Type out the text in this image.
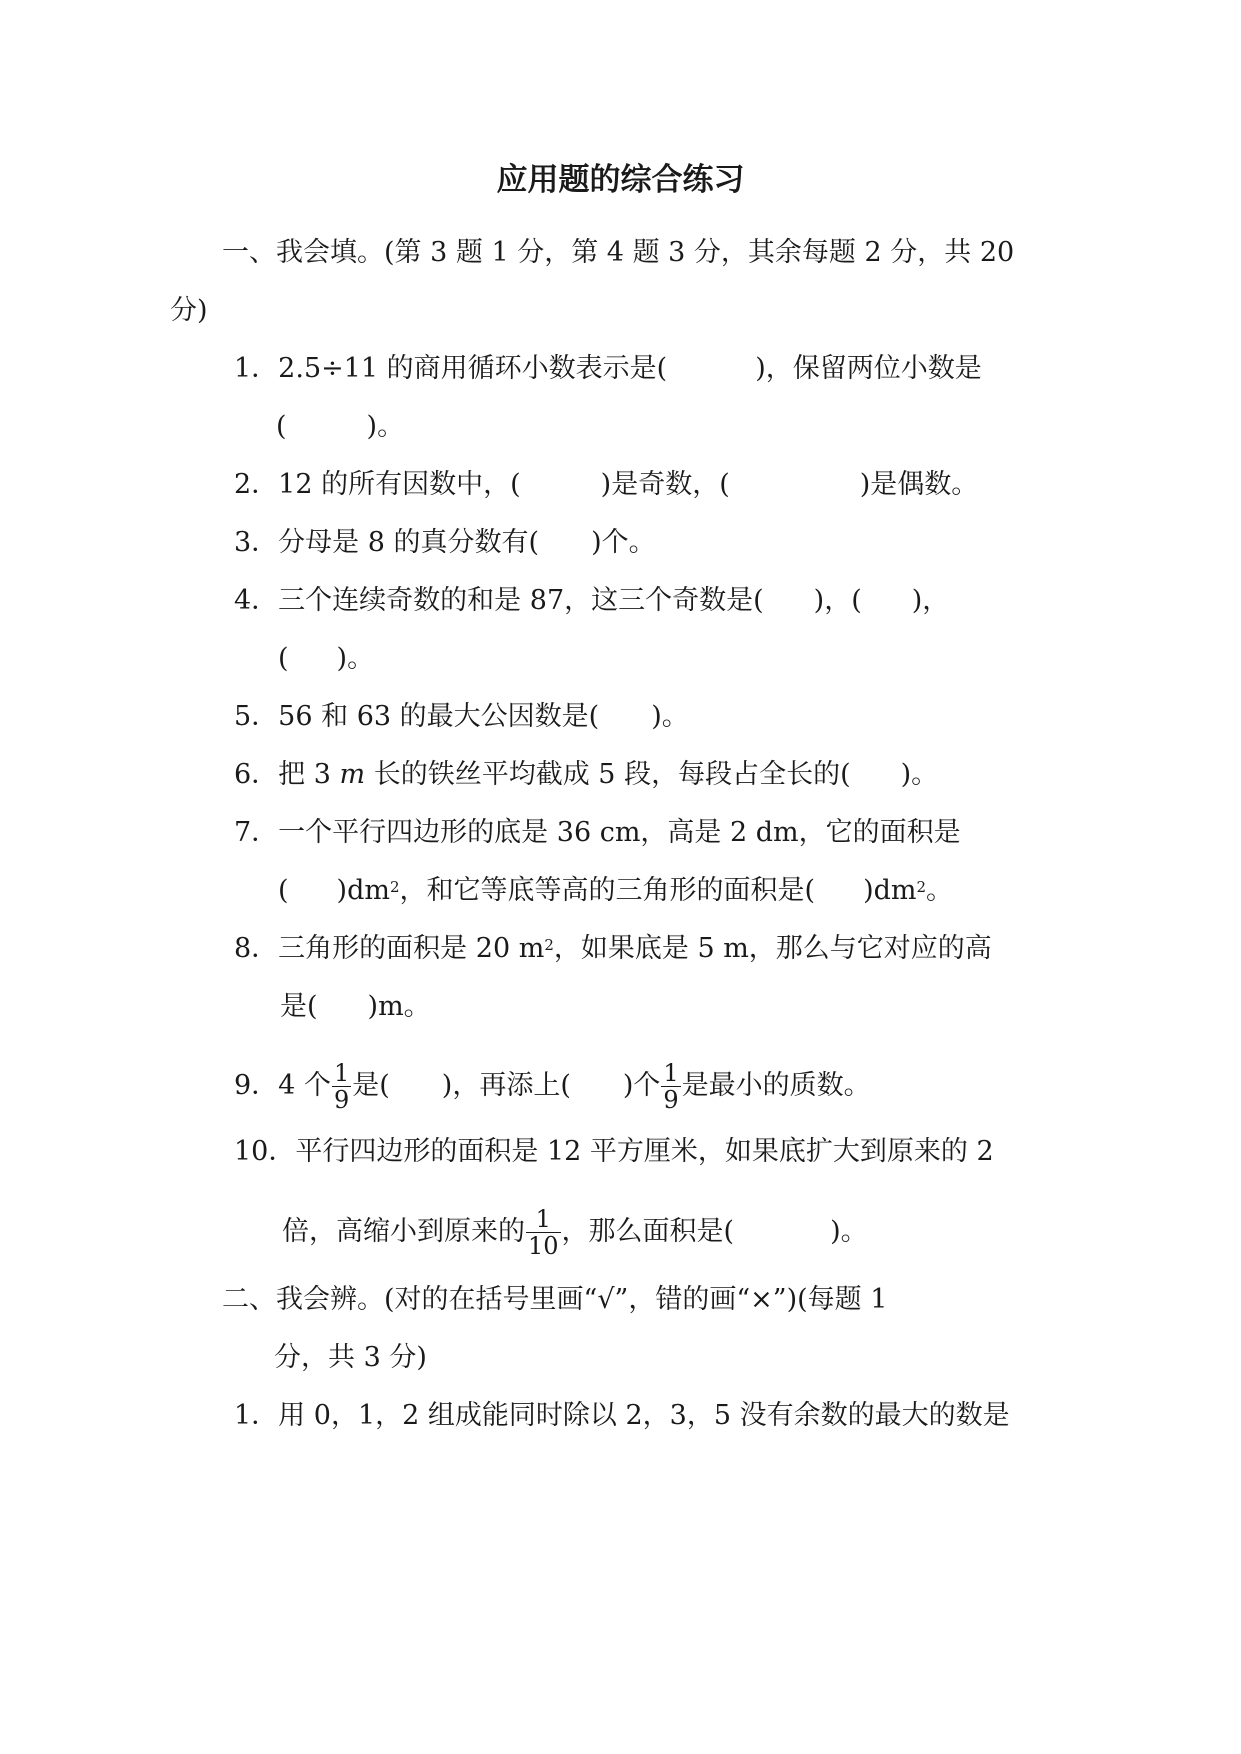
应用题的综合练习
一、我会填。(第 3 题 1 分，第 4 题 3 分，其余每题 2 分，共 20
分)
1．2.5÷11 的商用循环小数表示是(	)，保留两位小数是
(	)。
2．12 的所有因数中，(	)是奇数，(	)是偶数。
3．分母是 8 的真分数有( )个。
4．三个连续奇数的和是 87，这三个奇数是( )，( )，
( )。
5．56 和 63 的最大公因数是( )。
6．把 3 m 长的铁丝平均截成 5 段，每段占全长的( )。
7．一个平行四边形的底是 36 cm，高是 2 dm，它的面积是
( )$dm^2$，和它等底等高的三角形的面积是( )$dm^2$。
8．三角形的面积是 20 $m^2$，如果底是 5 m，那么与它对应的高
是( )m。
9．4 个 $\frac{1}{9}$ 是( )，再添上( )个 $\frac{1}{9}$ 是最小的质数。
10．平行四边形的面积是 12 平方厘米，如果底扩大到原来的 2
倍，高缩小到原来的 $\frac{1}{10}$ ，那么面积是(	)。
二、我会辨。(对的在括号里画“√”，错的画“×”)(每题 1
分，共 3 分)
1．用 0，1，2 组成能同时除以 2，3，5 没有余数的最大的数是
